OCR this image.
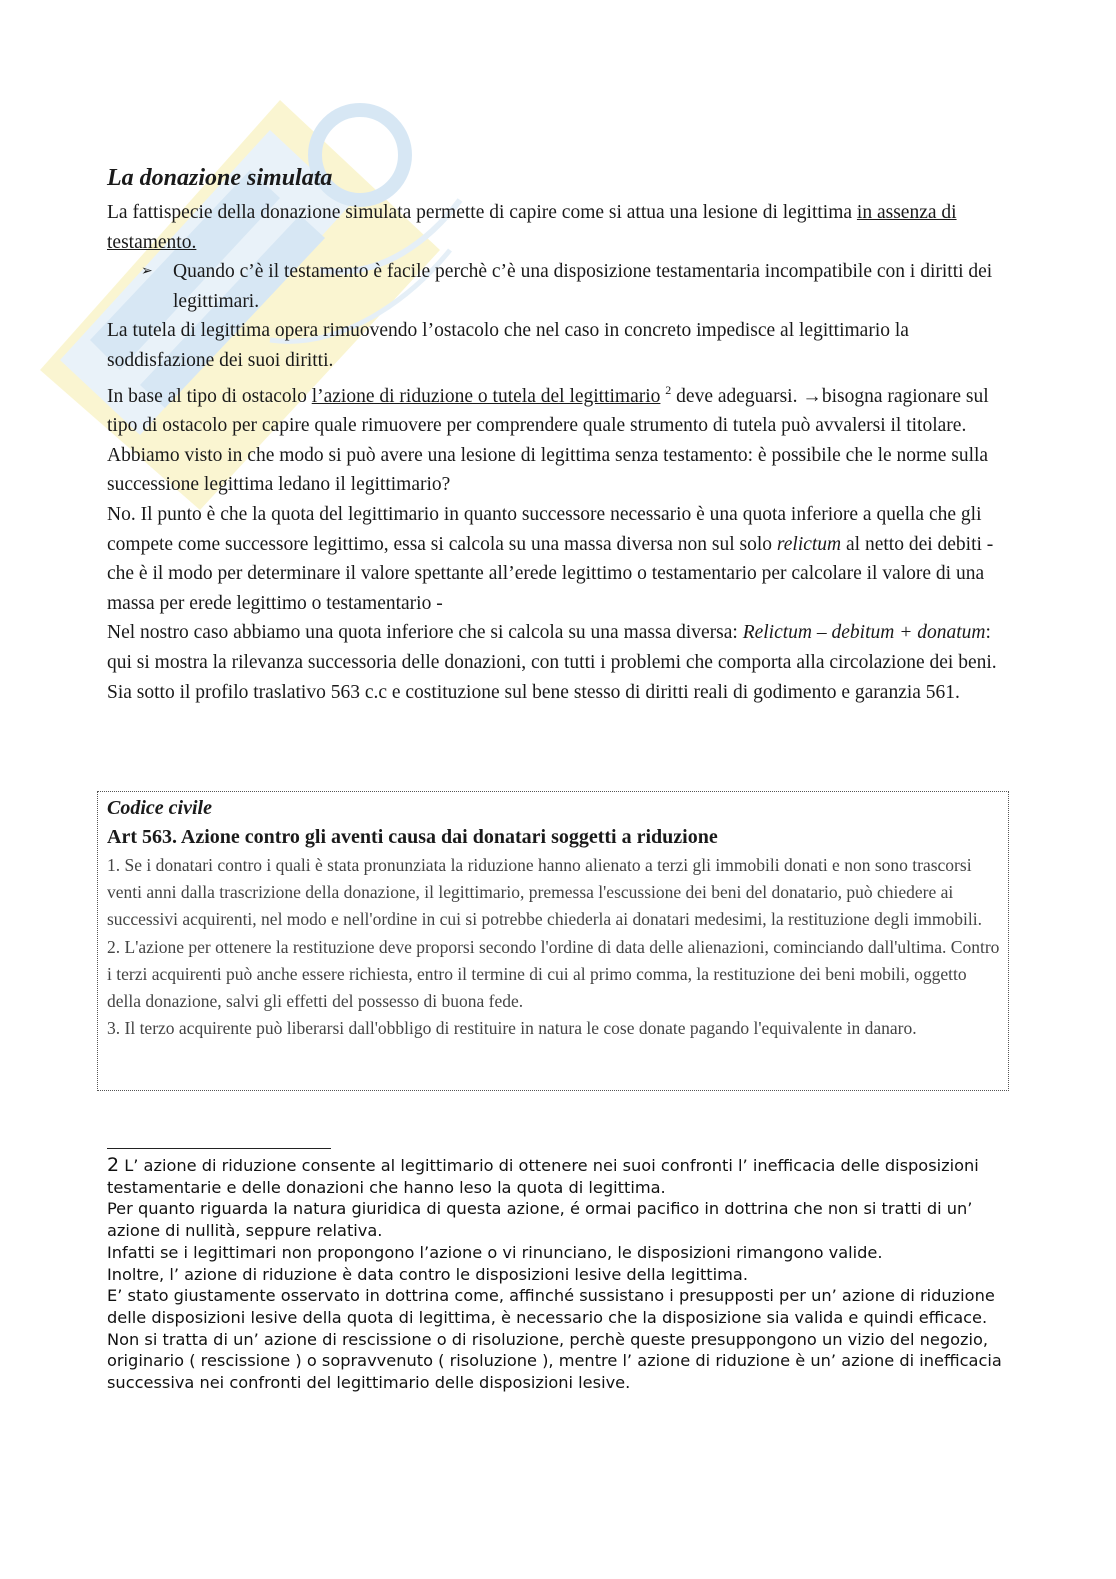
La donazione simulata

La fattispecie della donazione simulata permette di capire come si attua una lesione di legittima in assenza di testamento.

➢ Quando c’è il testamento è facile perchè c’è una disposizione testamentaria incompatibile con i diritti dei legittimari.

La tutela di legittima opera rimuovendo l’ostacolo che nel caso in concreto impedisce al legittimario la soddisfazione dei suoi diritti.

In base al tipo di ostacolo l’azione di riduzione o tutela del legittimario $^2$ deve adeguarsi. →bisogna ragionare sul tipo di ostacolo per capire quale rimuovere per comprendere quale strumento di tutela può avvalersi il titolare.

Abbiamo visto in che modo si può avere una lesione di legittima senza testamento: è possibile che le norme sulla successione legittima ledano il legittimario?

No. Il punto è che la quota del legittimario in quanto successore necessario è una quota inferiore a quella che gli compete come successore legittimo, essa si calcola su una massa diversa non sul solo relictum al netto dei debiti - che è il modo per determinare il valore spettante all’erede legittimo o testamentario per calcolare il valore di una massa per erede legittimo o testamentario -

Nel nostro caso abbiamo una quota inferiore che si calcola su una massa diversa: Relictum – debitum + donatum: qui si mostra la rilevanza successoria delle donazioni, con tutti i problemi che comporta alla circolazione dei beni.

Sia sotto il profilo traslativo 563 c.c e costituzione sul bene stesso di diritti reali di godimento e garanzia 561.

Codice civile

Art 563. Azione contro gli aventi causa dai donatari soggetti a riduzione

1. Se i donatari contro i quali è stata pronunziata la riduzione hanno alienato a terzi gli immobili donati e non sono trascorsi venti anni dalla trascrizione della donazione, il legittimario, premessa l'escussione dei beni del donatario, può chiedere ai successivi acquirenti, nel modo e nell'ordine in cui si potrebbe chiederla ai donatari medesimi, la restituzione degli immobili.

2. L'azione per ottenere la restituzione deve proporsi secondo l'ordine di data delle alienazioni, cominciando dall'ultima. Contro i terzi acquirenti può anche essere richiesta, entro il termine di cui al primo comma, la restituzione dei beni mobili, oggetto della donazione, salvi gli effetti del possesso di buona fede.

3. Il terzo acquirente può liberarsi dall'obbligo di restituire in natura le cose donate pagando l'equivalente in danaro.

2 L’ azione di riduzione consente al legittimario di ottenere nei suoi confronti l’ inefficacia delle disposizioni testamentarie e delle donazioni che hanno leso la quota di legittima.

Per quanto riguarda la natura giuridica di questa azione, é ormai pacifico in dottrina che non si tratti di un’ azione di nullità, seppure relativa.

Infatti se i legittimari non propongono l’azione o vi rinunciano, le disposizioni rimangono valide.

Inoltre, l’ azione di riduzione è data contro le disposizioni lesive della legittima.

E’ stato giustamente osservato in dottrina come, affinché sussistano i presupposti per un’ azione di riduzione delle disposizioni lesive della quota di legittima, è necessario che la disposizione sia valida e quindi efficace.

Non si tratta di un’ azione di rescissione o di risoluzione, perchè queste presuppongono un vizio del negozio, originario ( rescissione ) o sopravvenuto ( risoluzione ), mentre l’ azione di riduzione è un’ azione di inefficacia successiva nei confronti del legittimario delle disposizioni lesive.
